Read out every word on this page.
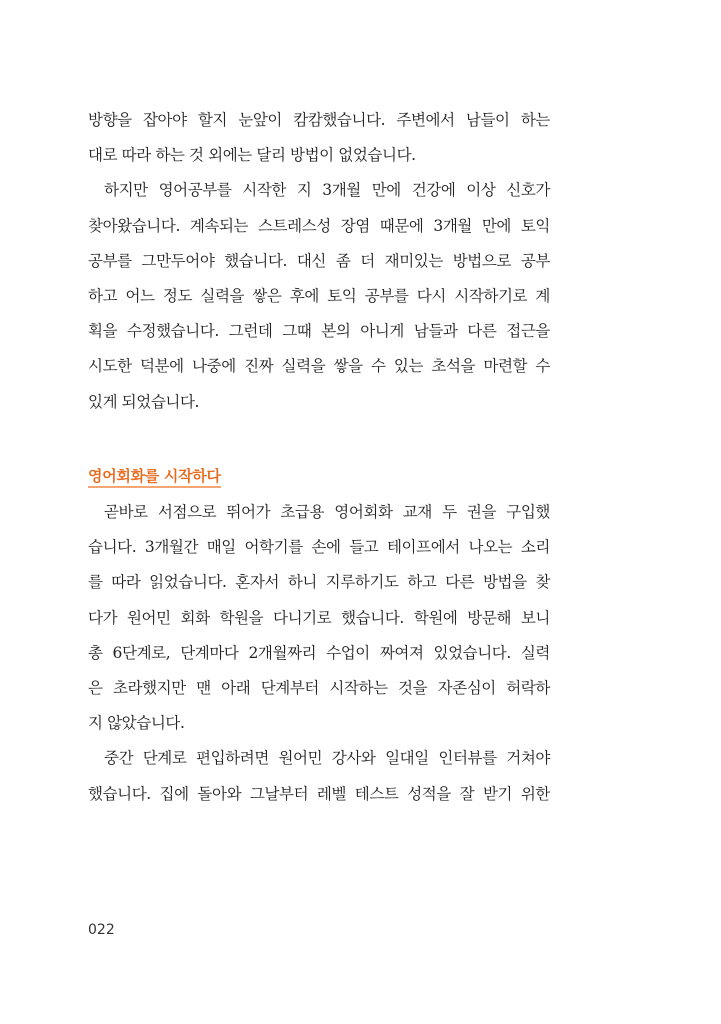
방향을 잡아야 할지 눈앞이 캄캄했습니다. 주변에서 남들이 하는
대로 따라 하는 것 외에는 달리 방법이 없었습니다.
하지만 영어공부를 시작한 지 3개월 만에 건강에 이상 신호가
찾아왔습니다. 계속되는 스트레스성 장염 때문에 3개월 만에 토익
공부를 그만두어야 했습니다. 대신 좀 더 재미있는 방법으로 공부
하고 어느 정도 실력을 쌓은 후에 토익 공부를 다시 시작하기로 계
획을 수정했습니다. 그런데 그때 본의 아니게 남들과 다른 접근을
시도한 덕분에 나중에 진짜 실력을 쌓을 수 있는 초석을 마련할 수
있게 되었습니다.
영어회화를 시작하다
곧바로 서점으로 뛰어가 초급용 영어회화 교재 두 권을 구입했
습니다. 3개월간 매일 어학기를 손에 들고 테이프에서 나오는 소리
를 따라 읽었습니다. 혼자서 하니 지루하기도 하고 다른 방법을 찾
다가 원어민 회화 학원을 다니기로 했습니다. 학원에 방문해 보니
총 6단계로, 단계마다 2개월짜리 수업이 짜여져 있었습니다. 실력
은 초라했지만 맨 아래 단계부터 시작하는 것을 자존심이 허락하
지 않았습니다.
중간 단계로 편입하려면 원어민 강사와 일대일 인터뷰를 거쳐야
했습니다. 집에 돌아와 그날부터 레벨 테스트 성적을 잘 받기 위한
022
